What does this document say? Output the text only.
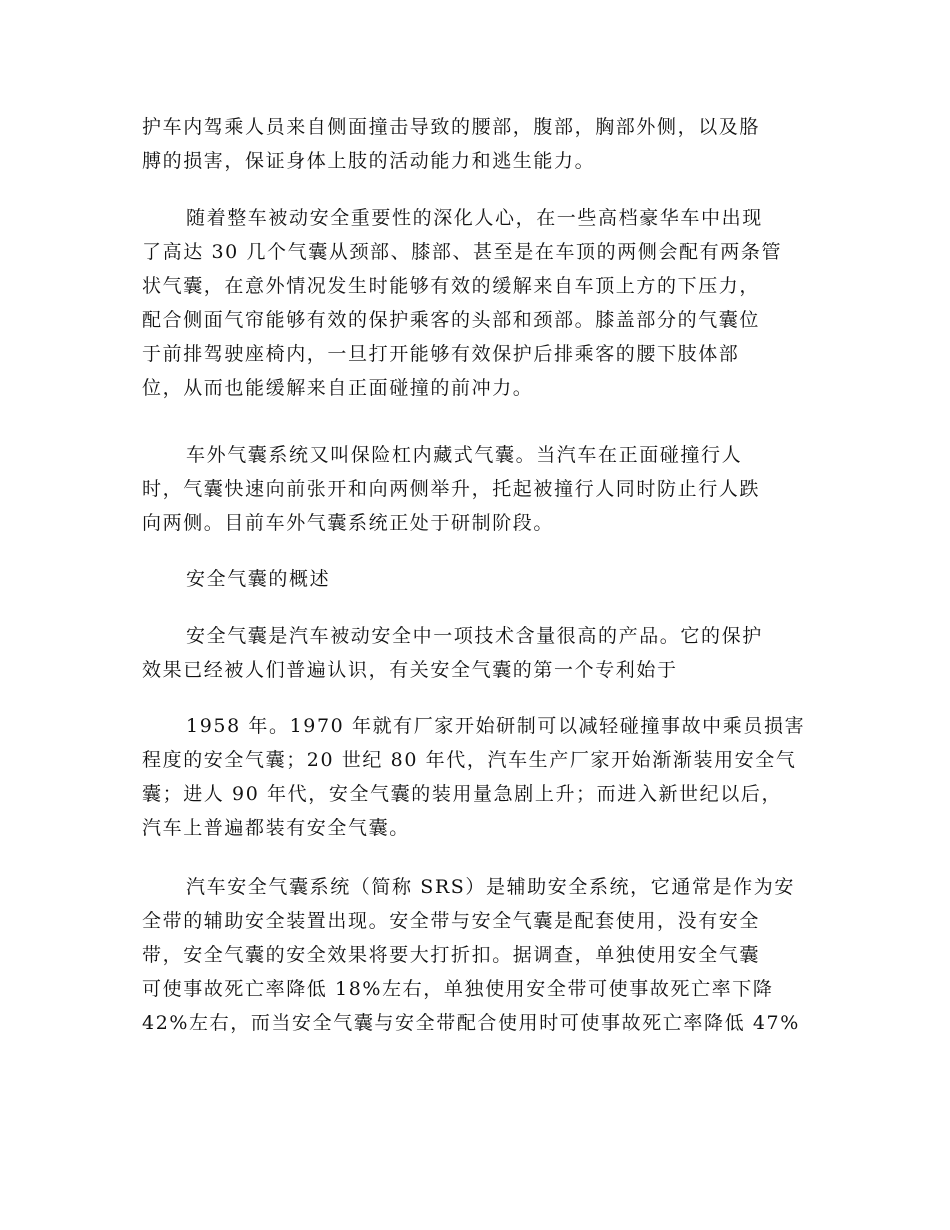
护车内驾乘人员来自侧面撞击导致的腰部，腹部，胸部外侧，以及胳
膊的损害，保证身体上肢的活动能力和逃生能力。
随着整车被动安全重要性的深化人心，在一些高档豪华车中出现
了高达 30 几个气囊从颈部、膝部、甚至是在车顶的两侧会配有两条管
状气囊，在意外情况发生时能够有效的缓解来自车顶上方的下压力，
配合侧面气帘能够有效的保护乘客的头部和颈部。膝盖部分的气囊位
于前排驾驶座椅内，一旦打开能够有效保护后排乘客的腰下肢体部
位，从而也能缓解来自正面碰撞的前冲力。
车外气囊系统又叫保险杠内藏式气囊。当汽车在正面碰撞行人
时，气囊快速向前张开和向两侧举升，托起被撞行人同时防止行人跌
向两侧。目前车外气囊系统正处于研制阶段。
安全气囊的概述
安全气囊是汽车被动安全中一项技术含量很高的产品。它的保护
效果已经被人们普遍认识，有关安全气囊的第一个专利始于
1958 年。1970 年就有厂家开始研制可以减轻碰撞事故中乘员损害
程度的安全气囊；20 世纪 80 年代，汽车生产厂家开始渐渐装用安全气
囊；进人 90 年代，安全气囊的装用量急剧上升；而进入新世纪以后，
汽车上普遍都装有安全气囊。
汽车安全气囊系统（简称 SRS）是辅助安全系统，它通常是作为安
全带的辅助安全装置出现。安全带与安全气囊是配套使用，没有安全
带，安全气囊的安全效果将要大打折扣。据调查，单独使用安全气囊
可使事故死亡率降低 18%左右，单独使用安全带可使事故死亡率下降
42%左右，而当安全气囊与安全带配合使用时可使事故死亡率降低 47%
